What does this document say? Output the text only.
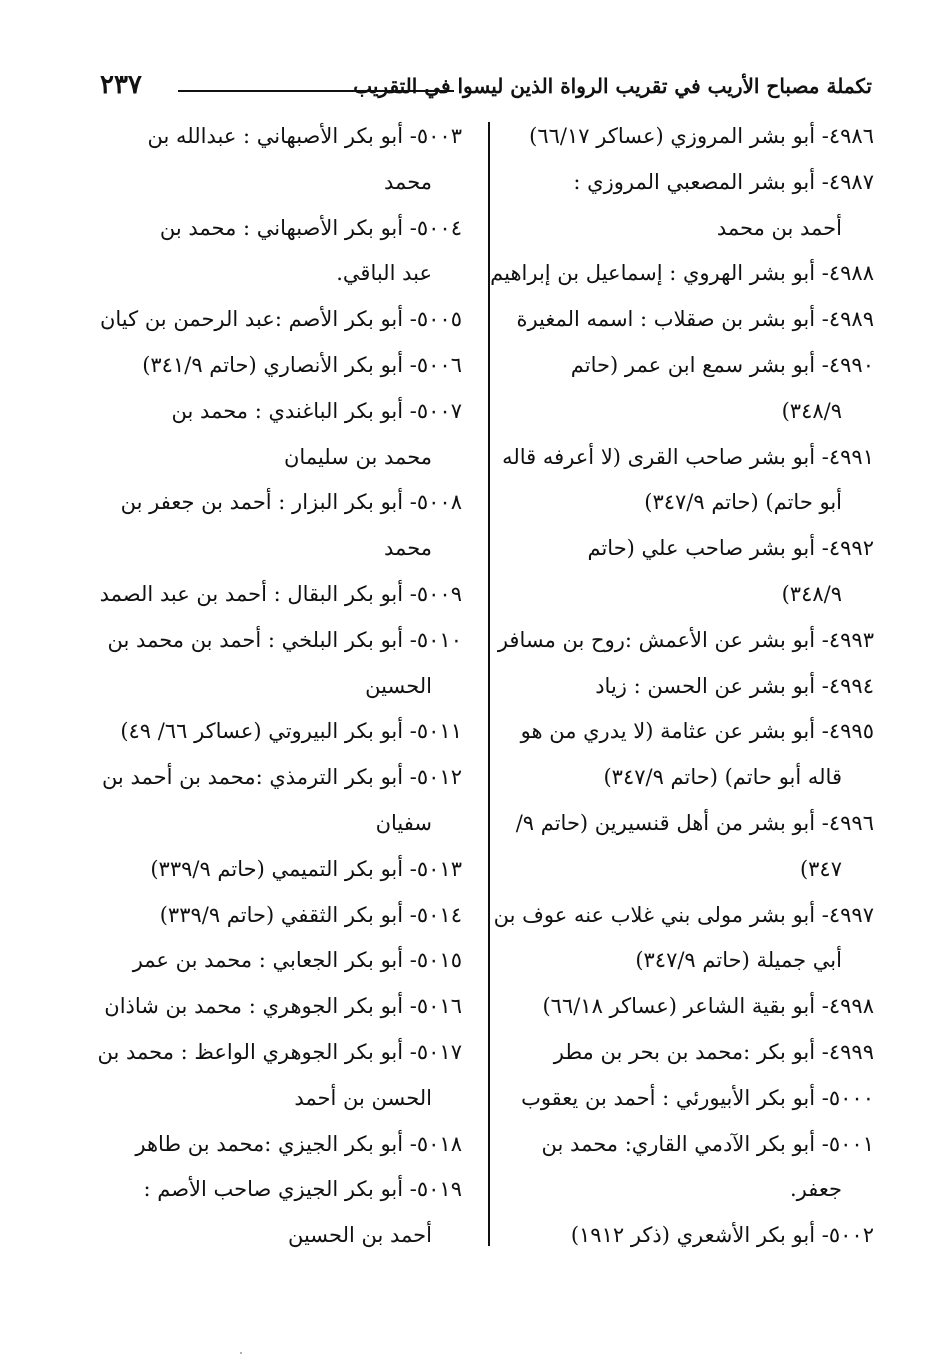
٢٣٧	تكملة مصباح الأريب في تقريب الرواة الذين ليسوا في التقريب
٤٩٨٦- أبو بشر المروزي (عساكر ٦٦/١٧)
٤٩٨٧- أبو بشر المصعبي المروزي :
أحمد بن محمد
٤٩٨٨- أبو بشر الهروي : إسماعيل بن إبراهيم
٤٩٨٩- أبو بشر بن صقلاب : اسمه المغيرة
٤٩٩٠- أبو بشر سمع ابن عمر (حاتم
٣٤٨/٩)
٤٩٩١- أبو بشر صاحب القرى (لا أعرفه قاله
أبو حاتم) (حاتم ٣٤٧/٩)
٤٩٩٢- أبو بشر صاحب علي (حاتم
٣٤٨/٩)
٤٩٩٣- أبو بشر عن الأعمش :روح بن مسافر
٤٩٩٤- أبو بشر عن الحسن : زياد
٤٩٩٥- أبو بشر عن عثامة (لا يدري من هو
قاله أبو حاتم) (حاتم ٣٤٧/٩)
٤٩٩٦- أبو بشر من أهل قنسيرين (حاتم ٩/
٣٤٧)
٤٩٩٧- أبو بشر مولى بني غلاب عنه عوف بن
أبي جميلة (حاتم ٣٤٧/٩)
٤٩٩٨- أبو بقية الشاعر (عساكر ٦٦/١٨)
٤٩٩٩- أبو بكر :محمد بن بحر بن مطر
٥٠٠٠- أبو بكر الأبيورئي : أحمد بن يعقوب
٥٠٠١- أبو بكر الآدمي القاري: محمد بن
جعفر.
٥٠٠٢- أبو بكر الأشعري (ذكر ١٩١٢)
٥٠٠٣- أبو بكر الأصبهاني : عبدالله بن
محمد
٥٠٠٤- أبو بكر الأصبهاني : محمد بن
عبد الباقي.
٥٠٠٥- أبو بكر الأصم :عبد الرحمن بن كيان
٥٠٠٦- أبو بكر الأنصاري (حاتم ٣٤١/٩)
٥٠٠٧- أبو بكر الباغندي : محمد بن
محمد بن سليمان
٥٠٠٨- أبو بكر البزار : أحمد بن جعفر بن
محمد
٥٠٠٩- أبو بكر البقال : أحمد بن عبد الصمد
٥٠١٠- أبو بكر البلخي : أحمد بن محمد بن
الحسين
٥٠١١- أبو بكر البيروتي (عساكر ٦٦/ ٤٩)
٥٠١٢- أبو بكر الترمذي :محمد بن أحمد بن
سفيان
٥٠١٣- أبو بكر التميمي (حاتم ٣٣٩/٩)
٥٠١٤- أبو بكر الثقفي (حاتم ٣٣٩/٩)
٥٠١٥- أبو بكر الجعابي : محمد بن عمر
٥٠١٦- أبو بكر الجوهري : محمد بن شاذان
٥٠١٧- أبو بكر الجوهري الواعظ : محمد بن
الحسن بن أحمد
٥٠١٨- أبو بكر الجيزي :محمد بن طاهر
٥٠١٩- أبو بكر الجيزي صاحب الأصم :
أحمد بن الحسين
